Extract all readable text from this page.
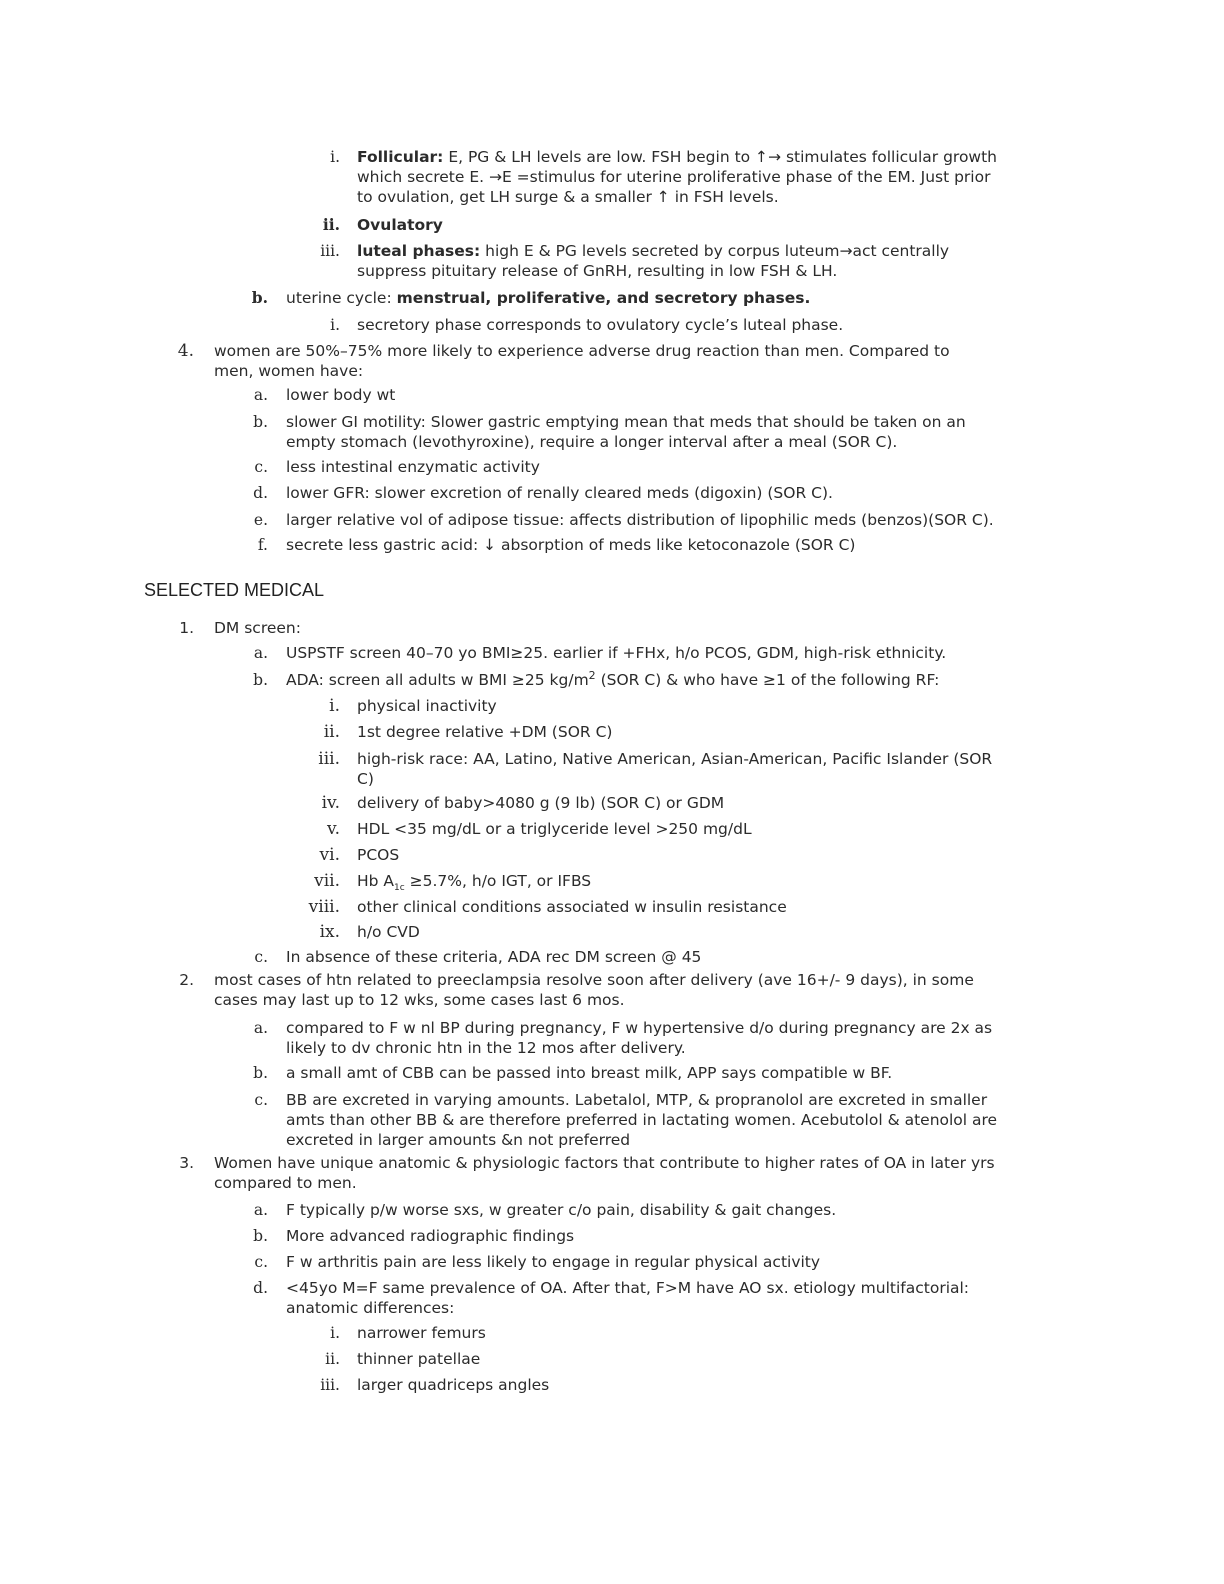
i. Follicular: E, PG & LH levels are low. FSH begin to ↑→ stimulates follicular growth
which secrete E. →E =stimulus for uterine proliferative phase of the EM. Just prior
to ovulation, get LH surge & a smaller ↑ in FSH levels.
ii. Ovulatory
iii. luteal phases: high E & PG levels secreted by corpus luteum→act centrally
suppress pituitary release of GnRH, resulting in low FSH & LH.
b. uterine cycle: menstrual, proliferative, and secretory phases.
i. secretory phase corresponds to ovulatory cycle’s luteal phase.
4. women are 50%–75% more likely to experience adverse drug reaction than men. Compared to
men, women have:
a. lower body wt
b. slower GI motility: Slower gastric emptying mean that meds that should be taken on an
empty stomach (levothyroxine), require a longer interval after a meal (SOR C).
c. less intestinal enzymatic activity
d. lower GFR: slower excretion of renally cleared meds (digoxin) (SOR C).
e. larger relative vol of adipose tissue: affects distribution of lipophilic meds (benzos)(SOR C).
f. secrete less gastric acid: ↓ absorption of meds like ketoconazole (SOR C)
SELECTED MEDICAL
1. DM screen:
a. USPSTF screen 40–70 yo BMI≥25. earlier if +FHx, h/o PCOS, GDM, high-risk ethnicity.
b. ADA: screen all adults w BMI ≥25 $kg/m^2$ (SOR C) & who have ≥1 of the following RF:
i. physical inactivity
ii. 1st degree relative +DM (SOR C)
iii. high-risk race: AA, Latino, Native American, Asian-American, Pacific Islander (SOR
C)
iv. delivery of baby>4080 g (9 lb) (SOR C) or GDM
v. HDL <35 mg/dL or a triglyceride level >250 mg/dL
vi. PCOS
vii. Hb $A_{1c} \ge 5.7\%$, h/o IGT, or IFBS
viii. other clinical conditions associated w insulin resistance
ix. h/o CVD
c. In absence of these criteria, ADA rec DM screen @ 45
2. most cases of htn related to preeclampsia resolve soon after delivery (ave 16+/- 9 days), in some
cases may last up to 12 wks, some cases last 6 mos.
a. compared to F w nl BP during pregnancy, F w hypertensive d/o during pregnancy are 2x as
likely to dv chronic htn in the 12 mos after delivery.
b. a small amt of CBB can be passed into breast milk, APP says compatible w BF.
c. BB are excreted in varying amounts. Labetalol, MTP, & propranolol are excreted in smaller
amts than other BB & are therefore preferred in lactating women. Acebutolol & atenolol are
excreted in larger amounts &n not preferred
3. Women have unique anatomic & physiologic factors that contribute to higher rates of OA in later yrs
compared to men.
a. F typically p/w worse sxs, w greater c/o pain, disability & gait changes.
b. More advanced radiographic findings
c. F w arthritis pain are less likely to engage in regular physical activity
d. <45yo M=F same prevalence of OA. After that, F>M have AO sx. etiology multifactorial:
anatomic differences:
i. narrower femurs
ii. thinner patellae
iii. larger quadriceps angles
